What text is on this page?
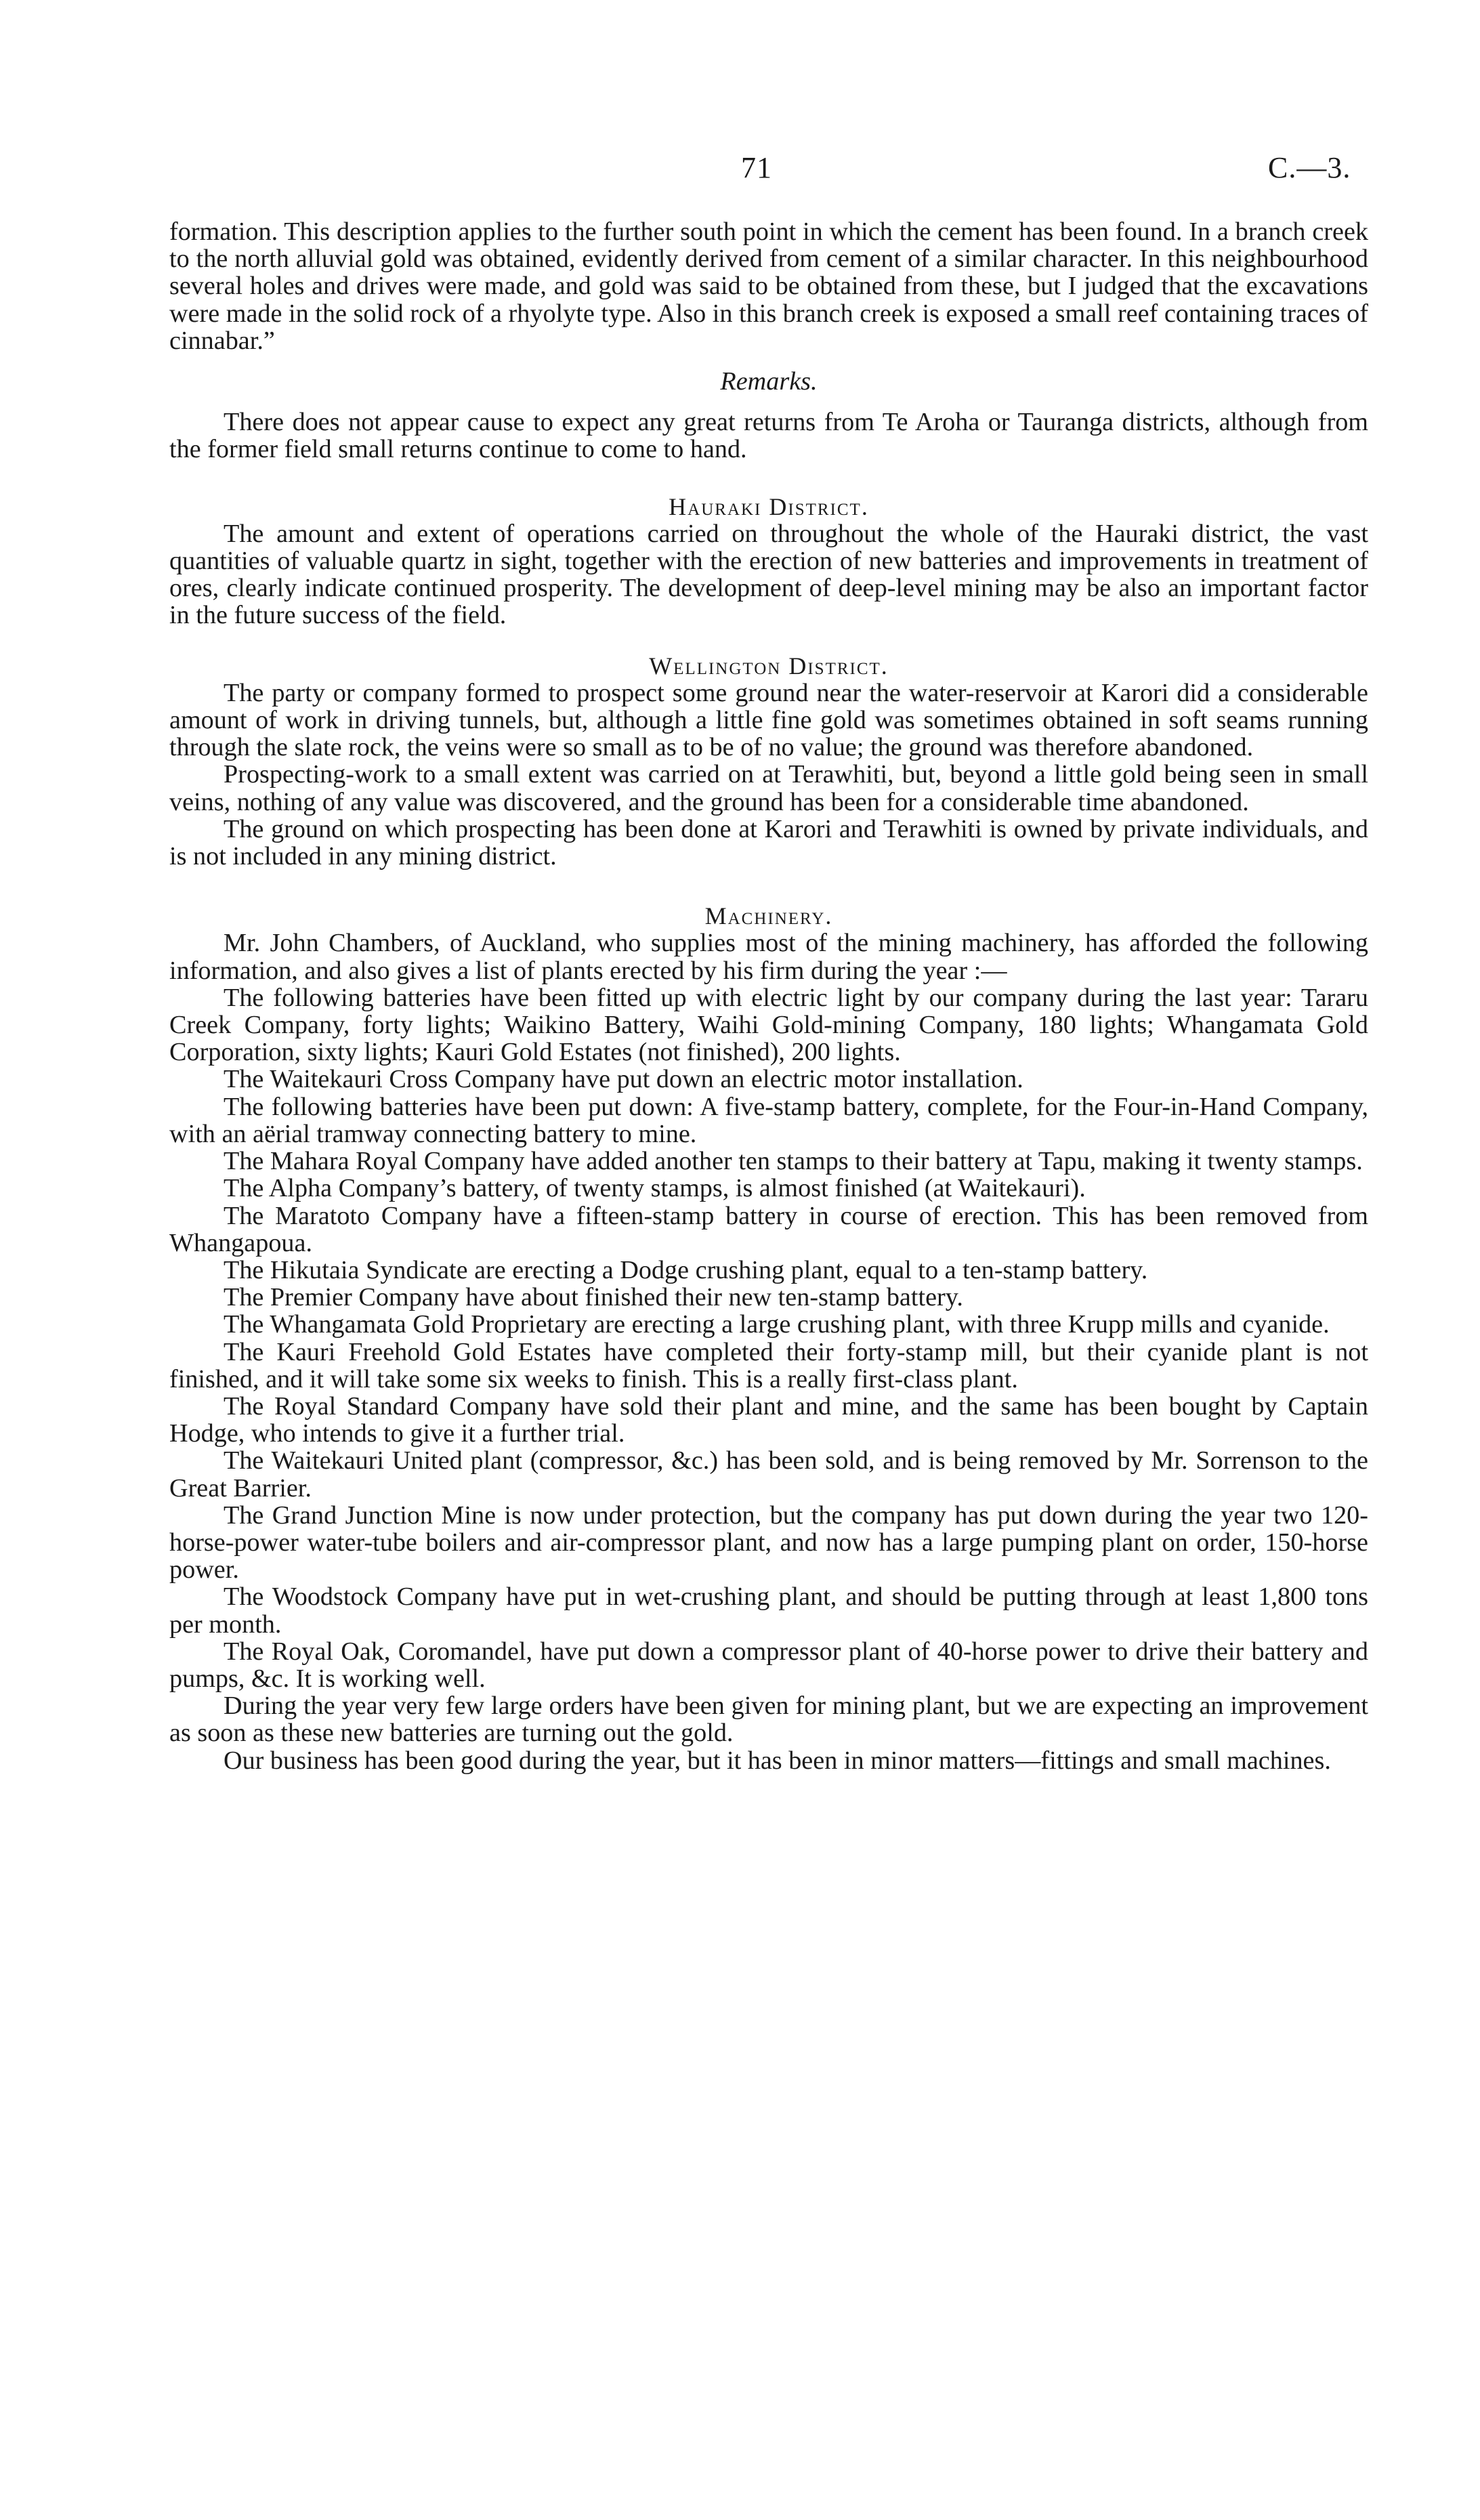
71	C.—3.

formation. This description applies to the further south point in which the cement has been found. In a branch creek to the north alluvial gold was obtained, evidently derived from cement of a similar character. In this neighbourhood several holes and drives were made, and gold was said to be obtained from these, but I judged that the excavations were made in the solid rock of a rhyolyte type. Also in this branch creek is exposed a small reef containing traces of cinnabar.”

Remarks.

There does not appear cause to expect any great returns from Te Aroha or Tauranga districts, although from the former field small returns continue to come to hand.

Hauraki District.

The amount and extent of operations carried on throughout the whole of the Hauraki district, the vast quantities of valuable quartz in sight, together with the erection of new batteries and improvements in treatment of ores, clearly indicate continued prosperity. The development of deep-level mining may be also an important factor in the future success of the field.

Wellington District.

The party or company formed to prospect some ground near the water-reservoir at Karori did a considerable amount of work in driving tunnels, but, although a little fine gold was sometimes obtained in soft seams running through the slate rock, the veins were so small as to be of no value; the ground was therefore abandoned.

Prospecting-work to a small extent was carried on at Terawhiti, but, beyond a little gold being seen in small veins, nothing of any value was discovered, and the ground has been for a considerable time abandoned.

The ground on which prospecting has been done at Karori and Terawhiti is owned by private individuals, and is not included in any mining district.

Machinery.

Mr. John Chambers, of Auckland, who supplies most of the mining machinery, has afforded the following information, and also gives a list of plants erected by his firm during the year :—

The following batteries have been fitted up with electric light by our company during the last year: Tararu Creek Company, forty lights; Waikino Battery, Waihi Gold-mining Company, 180 lights; Whangamata Gold Corporation, sixty lights; Kauri Gold Estates (not finished), 200 lights.

The Waitekauri Cross Company have put down an electric motor installation.

The following batteries have been put down: A five-stamp battery, complete, for the Four-in-Hand Company, with an aërial tramway connecting battery to mine.

The Mahara Royal Company have added another ten stamps to their battery at Tapu, making it twenty stamps.

The Alpha Company’s battery, of twenty stamps, is almost finished (at Waitekauri).

The Maratoto Company have a fifteen-stamp battery in course of erection. This has been removed from Whangapoua.

The Hikutaia Syndicate are erecting a Dodge crushing plant, equal to a ten-stamp battery.

The Premier Company have about finished their new ten-stamp battery.

The Whangamata Gold Proprietary are erecting a large crushing plant, with three Krupp mills and cyanide.

The Kauri Freehold Gold Estates have completed their forty-stamp mill, but their cyanide plant is not finished, and it will take some six weeks to finish. This is a really first-class plant.

The Royal Standard Company have sold their plant and mine, and the same has been bought by Captain Hodge, who intends to give it a further trial.

The Waitekauri United plant (compressor, &c.) has been sold, and is being removed by Mr. Sorrenson to the Great Barrier.

The Grand Junction Mine is now under protection, but the company has put down during the year two 120-horse-power water-tube boilers and air-compressor plant, and now has a large pumping plant on order, 150-horse power.

The Woodstock Company have put in wet-crushing plant, and should be putting through at least 1,800 tons per month.

The Royal Oak, Coromandel, have put down a compressor plant of 40-horse power to drive their battery and pumps, &c. It is working well.

During the year very few large orders have been given for mining plant, but we are expecting an improvement as soon as these new batteries are turning out the gold.

Our business has been good during the year, but it has been in minor matters—fittings and small machines.
